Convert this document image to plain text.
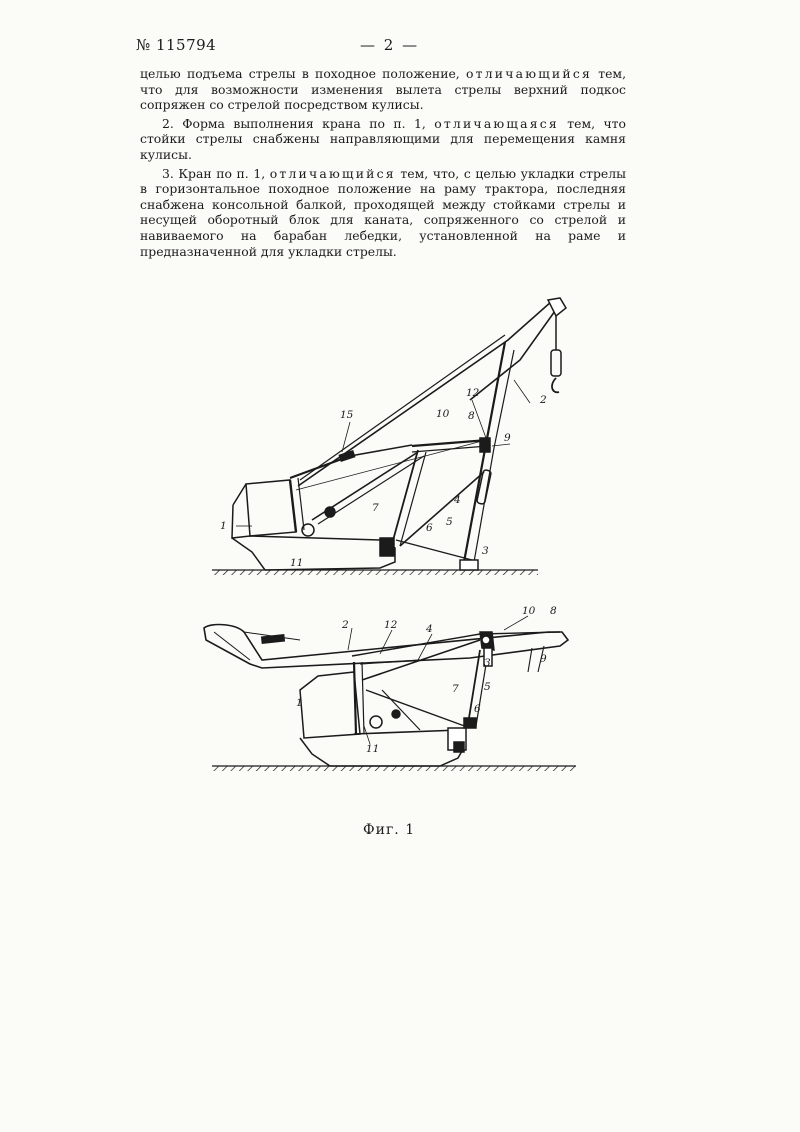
№ 115794	— 2 —

целью подъема стрелы в походное положение, отличающийся тем, что для возможности изменения вылета стрелы верхний подкос сопряжен со стрелой посредством кулисы.

2. Форма выполнения крана по п. 1, отличающаяся тем, что стойки стрелы снабжены направляющими для перемещения камня кулисы.

3. Кран по п. 1, отличающийся тем, что, с целью укладки стрелы в горизонтальное походное положение на раму трактора, последняя снабжена консольной балкой, проходящей между стойками стрелы и несущей оборотный блок для каната, сопряженного со стрелой и навиваемого на барабан лебедки, установленной на раме и предназначенной для укладки стрелы.

1
2
3
4
5
6
7
8
9
10
11
12
15
1
2
3
4
5
6
7
8
9
10
11
12
Фиг. 1
